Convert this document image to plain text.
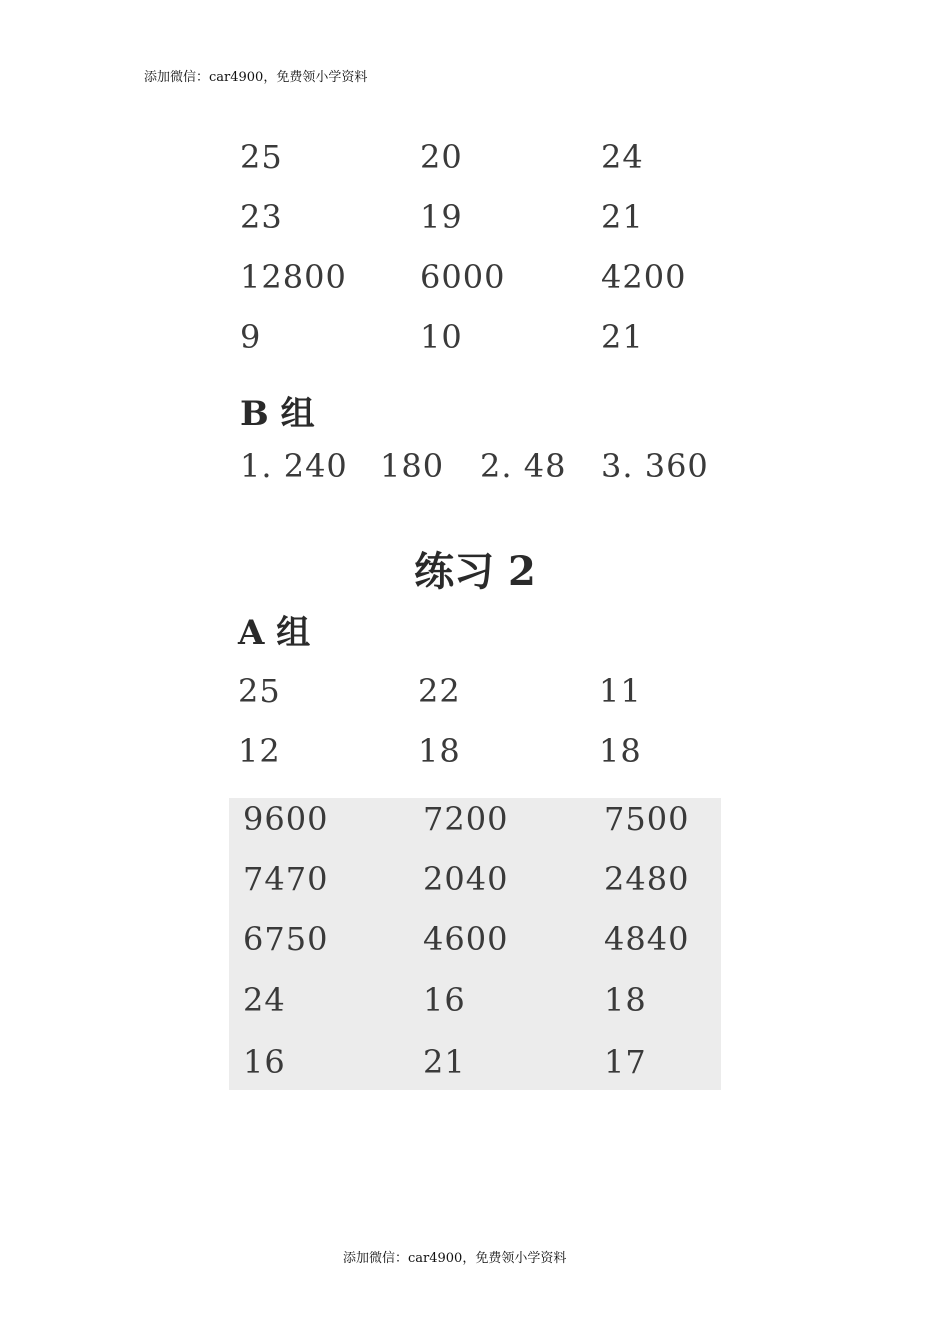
添加微信：car4900，免费领小学资料
25	20	24
23	19	21
12800 6000	4200
9	10	21
B 组
1. 240 180 2. 48 3. 360
练习 2
A 组
25	22	11
12	18	18
9600	7200	7500
7470	2040	2480
6750	4600	4840
24	16	18
16	21	17
添加微信：car4900，免费领小学资料
